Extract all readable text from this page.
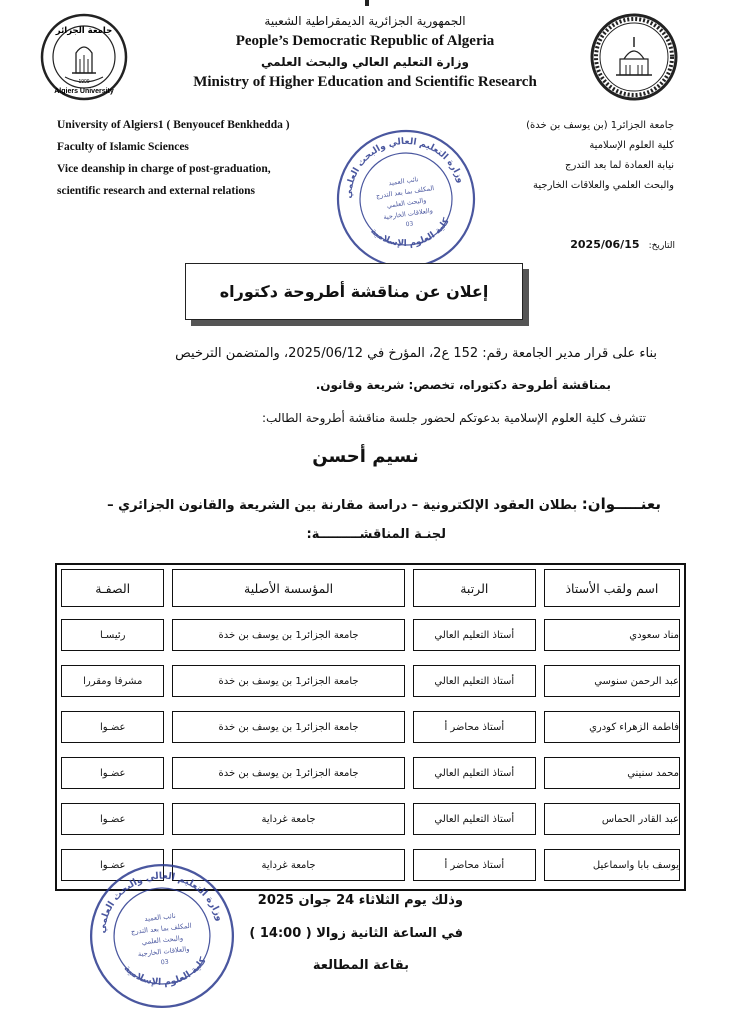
جامعة الجزائر
Algiers University
1909
الجمهورية الجزائرية الديمقراطية الشعبية
People’s Democratic Republic of Algeria
وزارة التعليم العالي والبحث العلمي
Ministry of Higher Education and Scientific Research
University of Algiers1 ( Benyoucef Benkhedda )
Faculty of Islamic Sciences
Vice deanship in charge of post-graduation,
scientific research and external relations
جامعة الجزائر1 (بن يوسف بن خدة)
كلية العلوم الإسلامية
نيابة العمادة لما بعد التدرج
والبحث العلمي والعلاقات الخارجية
وزارة التعليم العالي والبحث العلمي
كلية العلوم الإسلامية
نائب العميد
المكلف بما بعد التدرج
والبحث العلمي
والعلاقات الخارجية
03
التاريخ: 2025/06/15
إعلان عن مناقشة أطروحة دكتوراه
بناء على قرار مدير الجامعة رقم: 152 ع2، المؤرخ في 2025/06/12، والمتضمن الترخيص
بمناقشة أطروحة دكتوراه، تخصص: شريعة وقانون.
تتشرف كلية العلوم الإسلامية بدعوتكم لحضور جلسة مناقشة أطروحة الطالب:
نسيم أحسن
بعنـــــوان: بطلان العقود الإلكترونية – دراسة مقارنة بين الشريعة والقانون الجزائري –
لجنـة المناقشـــــــــة:
اسم ولقب الأستاذ	الرتبة	المؤسسة الأصلية	الصفـة

مناد سعودي	أستاذ التعليم العالي	جامعة الجزائر1 بن يوسف بن خدة	رئيسـا

عبد الرحمن سنوسي	أستاذ التعليم العالي	جامعة الجزائر1 بن يوسف بن خدة	مشرفا ومقررا

فاطمة الزهراء كودري	أستاذ محاضر أ	جامعة الجزائر1 بن يوسف بن خدة	عضـوا

محمد سنيني	أستاذ التعليم العالي	جامعة الجزائر1 بن يوسف بن خدة	عضـوا

عبد القادر الحماس	أستاذ التعليم العالي	جامعة غرداية	عضـوا

يوسف بابا واسماعيل	أستاذ محاضر أ	جامعة غرداية	عضـوا
وزارة التعليم العالي والبحث العلمي
كلية العلوم الإسلامية
نائب العميد
المكلف بما بعد التدرج
والبحث العلمي
والعلاقات الخارجية
03
وذلك يوم الثلاثاء 24 جوان 2025
في الساعة الثانية زوالا ( 14:00 )
بقاعة المطالعة
